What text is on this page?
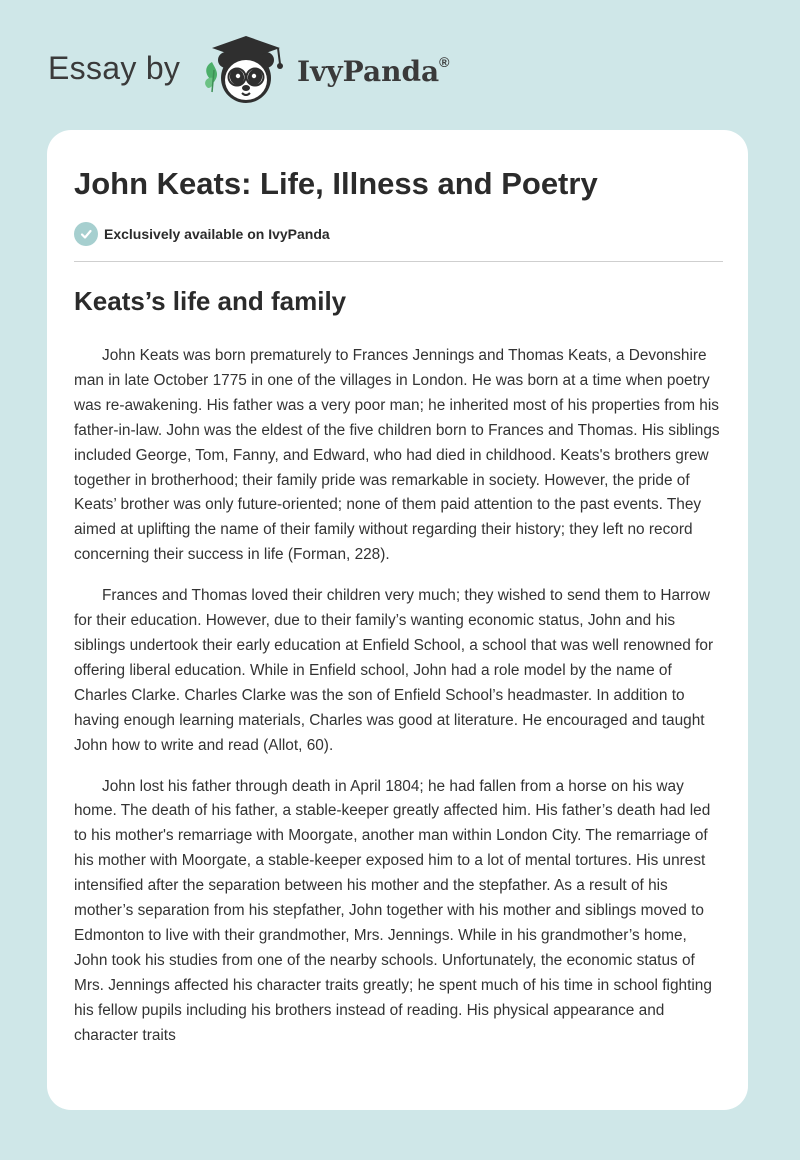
Essay by	IvyPanda®
John Keats: Life, Illness and Poetry
Exclusively available on IvyPanda
Keats’s life and family

John Keats was born prematurely to Frances Jennings and Thomas Keats, a Devonshire man in late October 1775 in one of the villages in London. He was born at a time when poetry was re-awakening. His father was a very poor man; he inherited most of his properties from his father-in-law. John was the eldest of the five children born to Frances and Thomas. His siblings included George, Tom, Fanny, and Edward, who had died in childhood. Keats's brothers grew together in brotherhood; their family pride was remarkable in society. However, the pride of Keats’ brother was only future-oriented; none of them paid attention to the past events. They aimed at uplifting the name of their family without regarding their history; they left no record concerning their success in life (Forman, 228).

Frances and Thomas loved their children very much; they wished to send them to Harrow for their education. However, due to their family’s wanting economic status, John and his siblings undertook their early education at Enfield School, a school that was well renowned for offering liberal education. While in Enfield school, John had a role model by the name of Charles Clarke. Charles Clarke was the son of Enfield School’s headmaster. In addition to having enough learning materials, Charles was good at literature. He encouraged and taught John how to write and read (Allot, 60).

John lost his father through death in April 1804; he had fallen from a horse on his way home. The death of his father, a stable-keeper greatly affected him. His father’s death had led to his mother's remarriage with Moorgate, another man within London City. The remarriage of his mother with Moorgate, a stable-keeper exposed him to a lot of mental tortures. His unrest intensified after the separation between his mother and the stepfather. As a result of his mother’s separation from his stepfather, John together with his mother and siblings moved to Edmonton to live with their grandmother, Mrs. Jennings. While in his grandmother’s home, John took his studies from one of the nearby schools. Unfortunately, the economic status of Mrs. Jennings affected his character traits greatly; he spent much of his time in school fighting his fellow pupils including his brothers instead of reading. His physical appearance and character traits
